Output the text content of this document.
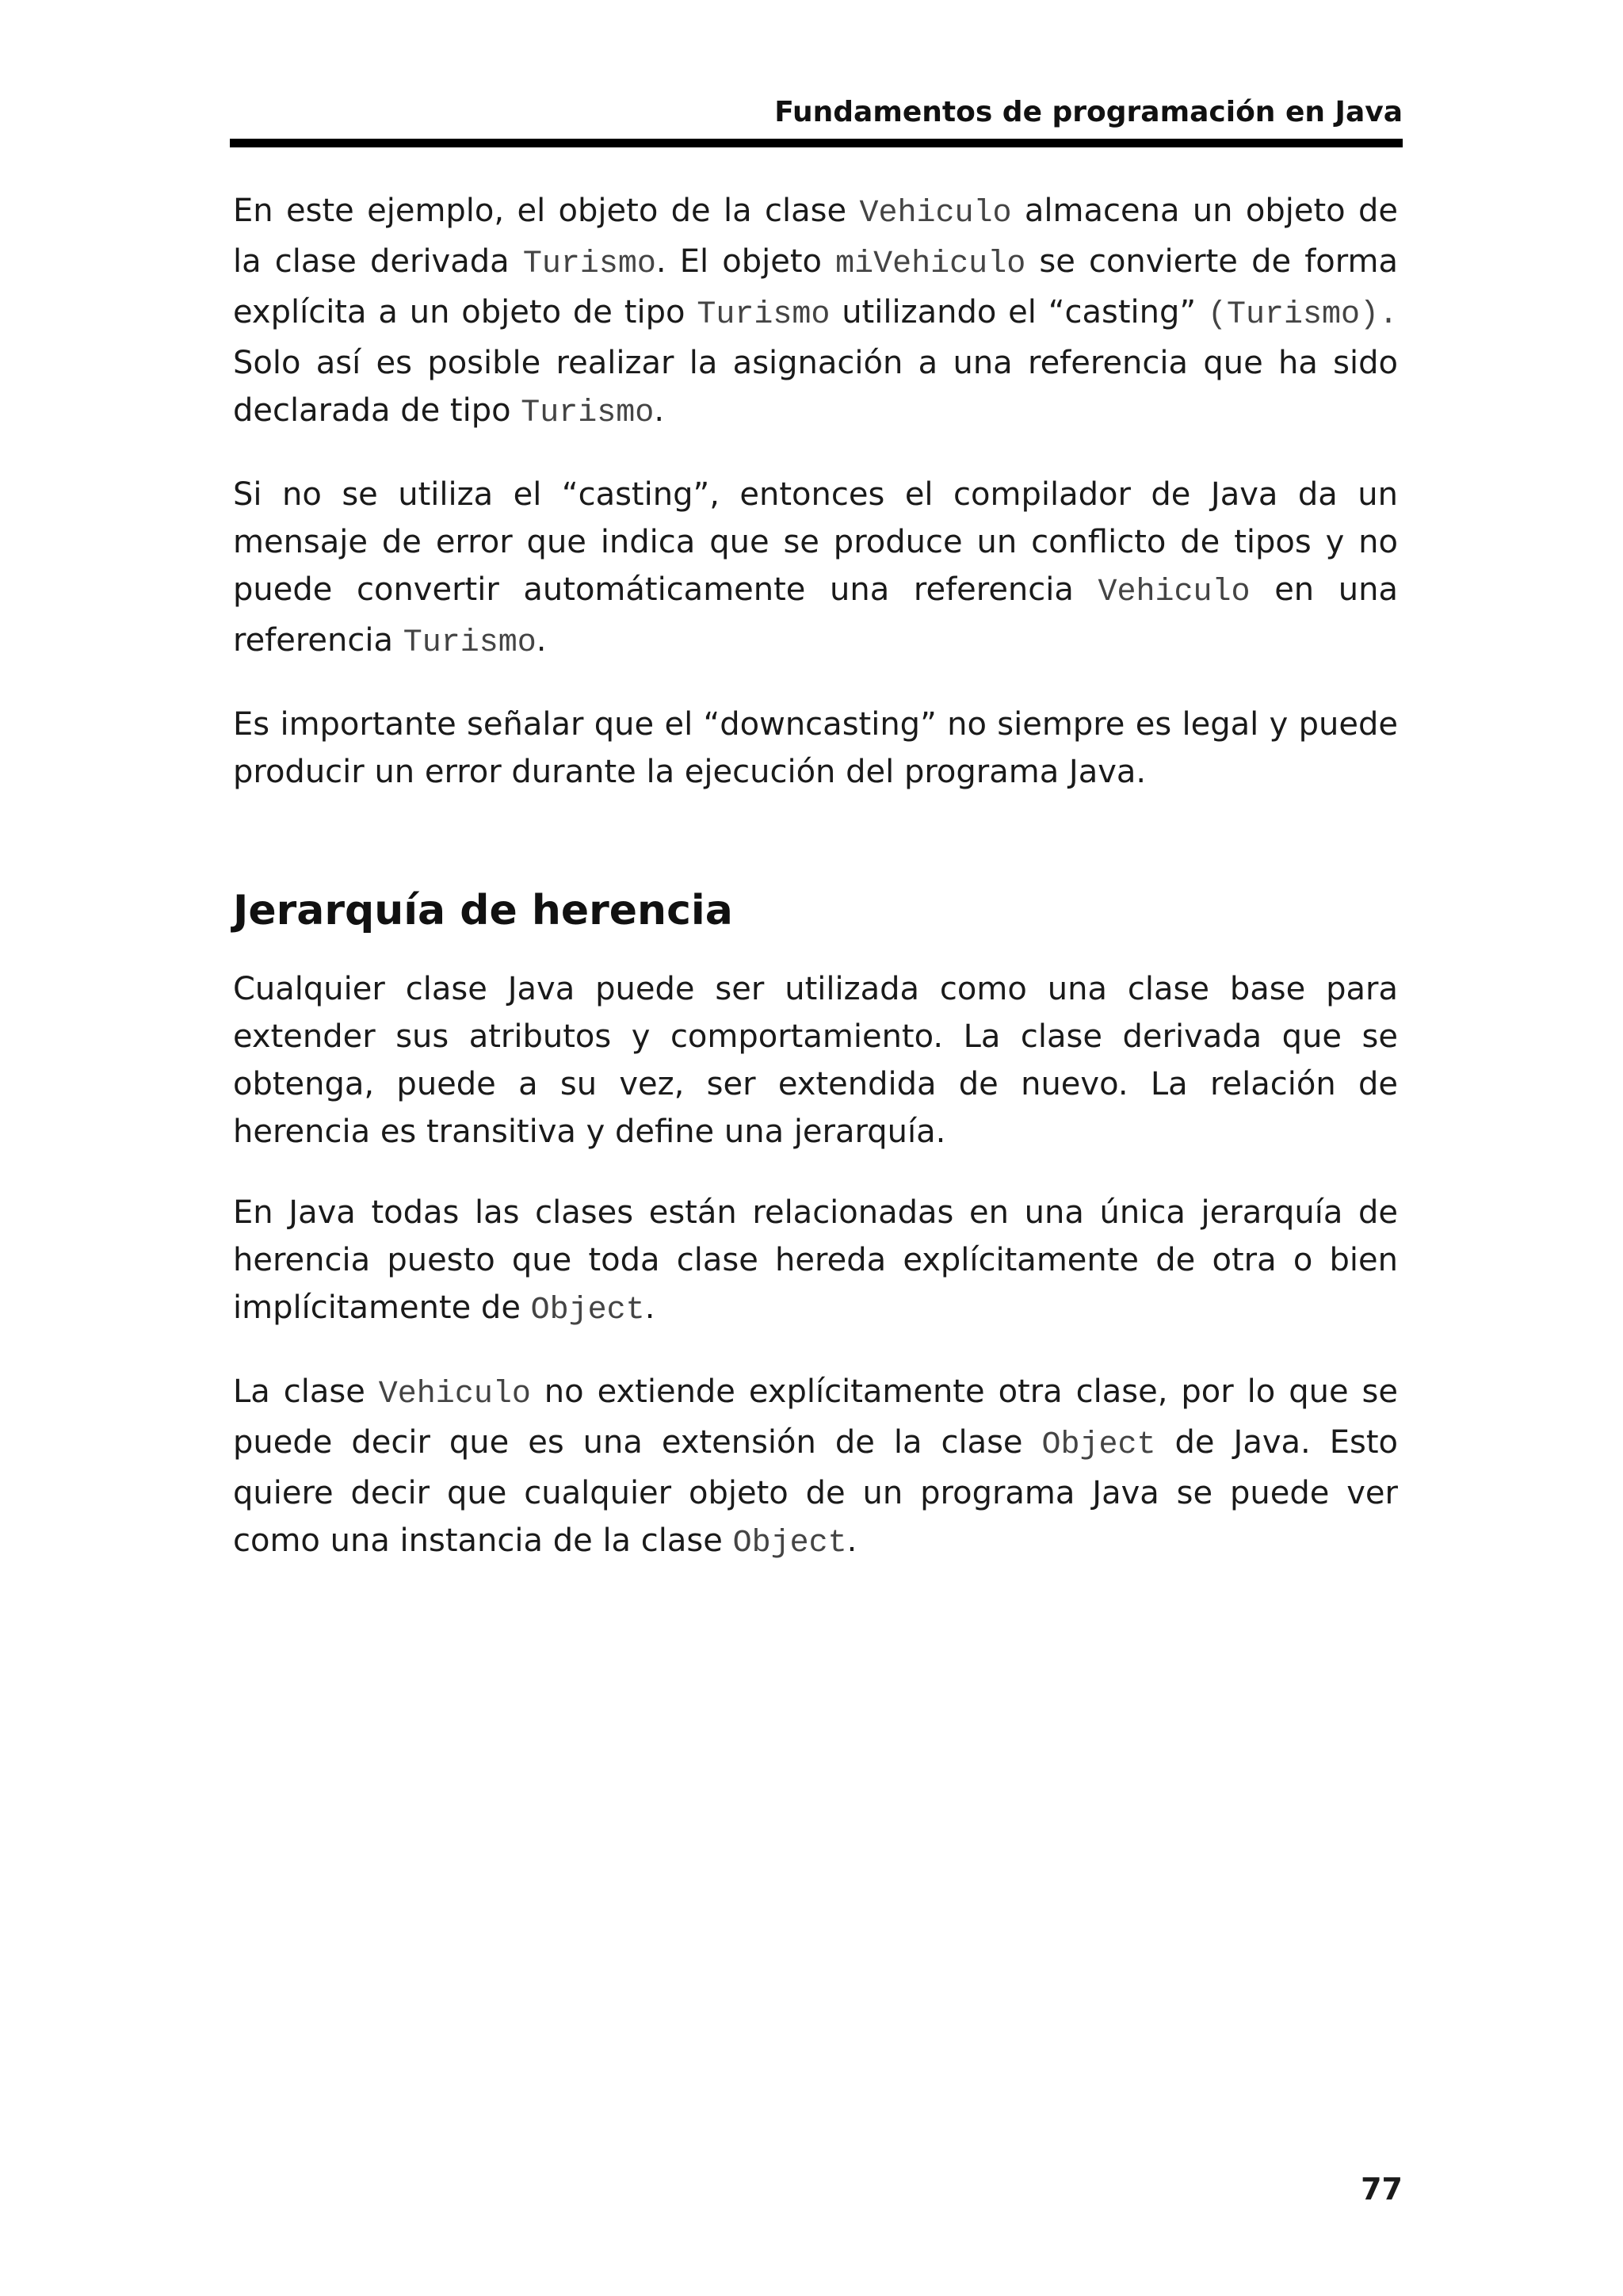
Fundamentos de programación en Java

En este ejemplo, el objeto de la clase Vehiculo almacena un objeto de la clase derivada Turismo. El objeto miVehiculo se convierte de forma explícita a un objeto de tipo Turismo utilizando el “casting” (Turismo). Solo así es posible realizar la asignación a una referencia que ha sido declarada de tipo Turismo.

Si no se utiliza el “casting”, entonces el compilador de Java da un mensaje de error que indica que se produce un conflicto de tipos y no puede convertir automáticamente una referencia Vehiculo en una referencia Turismo.

Es importante señalar que el “downcasting” no siempre es legal y puede producir un error durante la ejecución del programa Java.

Jerarquía de herencia

Cualquier clase Java puede ser utilizada como una clase base para extender sus atributos y comportamiento. La clase derivada que se obtenga, puede a su vez, ser extendida de nuevo. La relación de herencia es transitiva y define una jerarquía.

En Java todas las clases están relacionadas en una única jerarquía de herencia puesto que toda clase hereda explícitamente de otra o bien implícitamente de Object.

La clase Vehiculo no extiende explícitamente otra clase, por lo que se puede decir que es una extensión de la clase Object de Java. Esto quiere decir que cualquier objeto de un programa Java se puede ver como una instancia de la clase Object.

77
